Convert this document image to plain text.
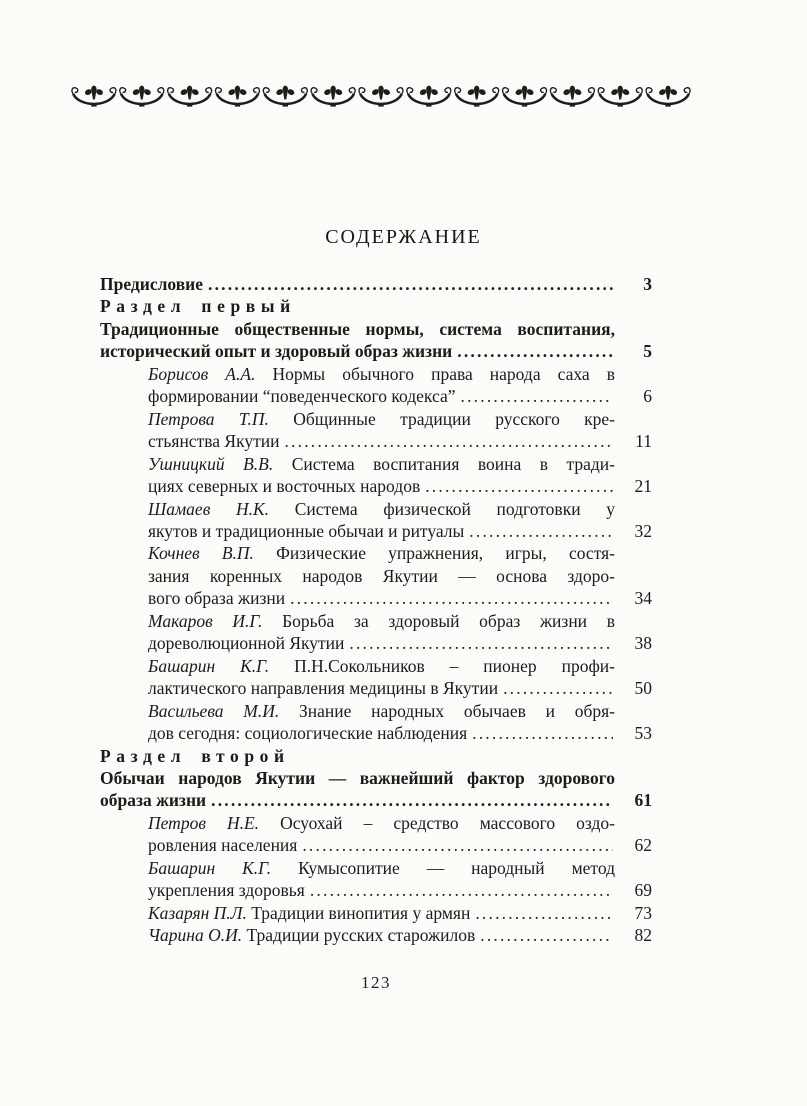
СОДЕРЖАНИЕ
Предисловие .....	3
Раздел первый
Традиционные общественные нормы, система воспитания,
исторический опыт и здоровый образ жизни .....	5
Борисов А.А. Нормы обычного права народа саха в
формировании “поведенческого кодекса” .....	6
Петрова Т.П. Общинные традиции русского кре-
стьянства Якутии .....	11
Ушницкий В.В. Система воспитания воина в тради-
циях северных и восточных народов .....	21
Шамаев Н.К. Система физической подготовки у
якутов и традиционные обычаи и ритуалы .....	32
Кочнев В.П. Физические упражнения, игры, состя-
зания коренных народов Якутии — основа здоро-
вого образа жизни .....	34
Макаров И.Г. Борьба за здоровый образ жизни в
дореволюционной Якутии .....	38
Башарин К.Г. П.Н.Сокольников – пионер профи-
лактического направления медицины в Якутии .....	50
Васильева М.И. Знание народных обычаев и обря-
дов сегодня: социологические наблюдения .....	53
Раздел второй
Обычаи народов Якутии — важнейший фактор здорового
образа жизни .....	61
Петров Н.Е. Осуохай – средство массового оздо-
ровления населения .....	62
Башарин К.Г. Кумысопитие — народный метод
укрепления здоровья .....	69
Казарян П.Л. Традиции винопития у армян .....	73
Чарина О.И. Традиции русских старожилов .....	82
123
